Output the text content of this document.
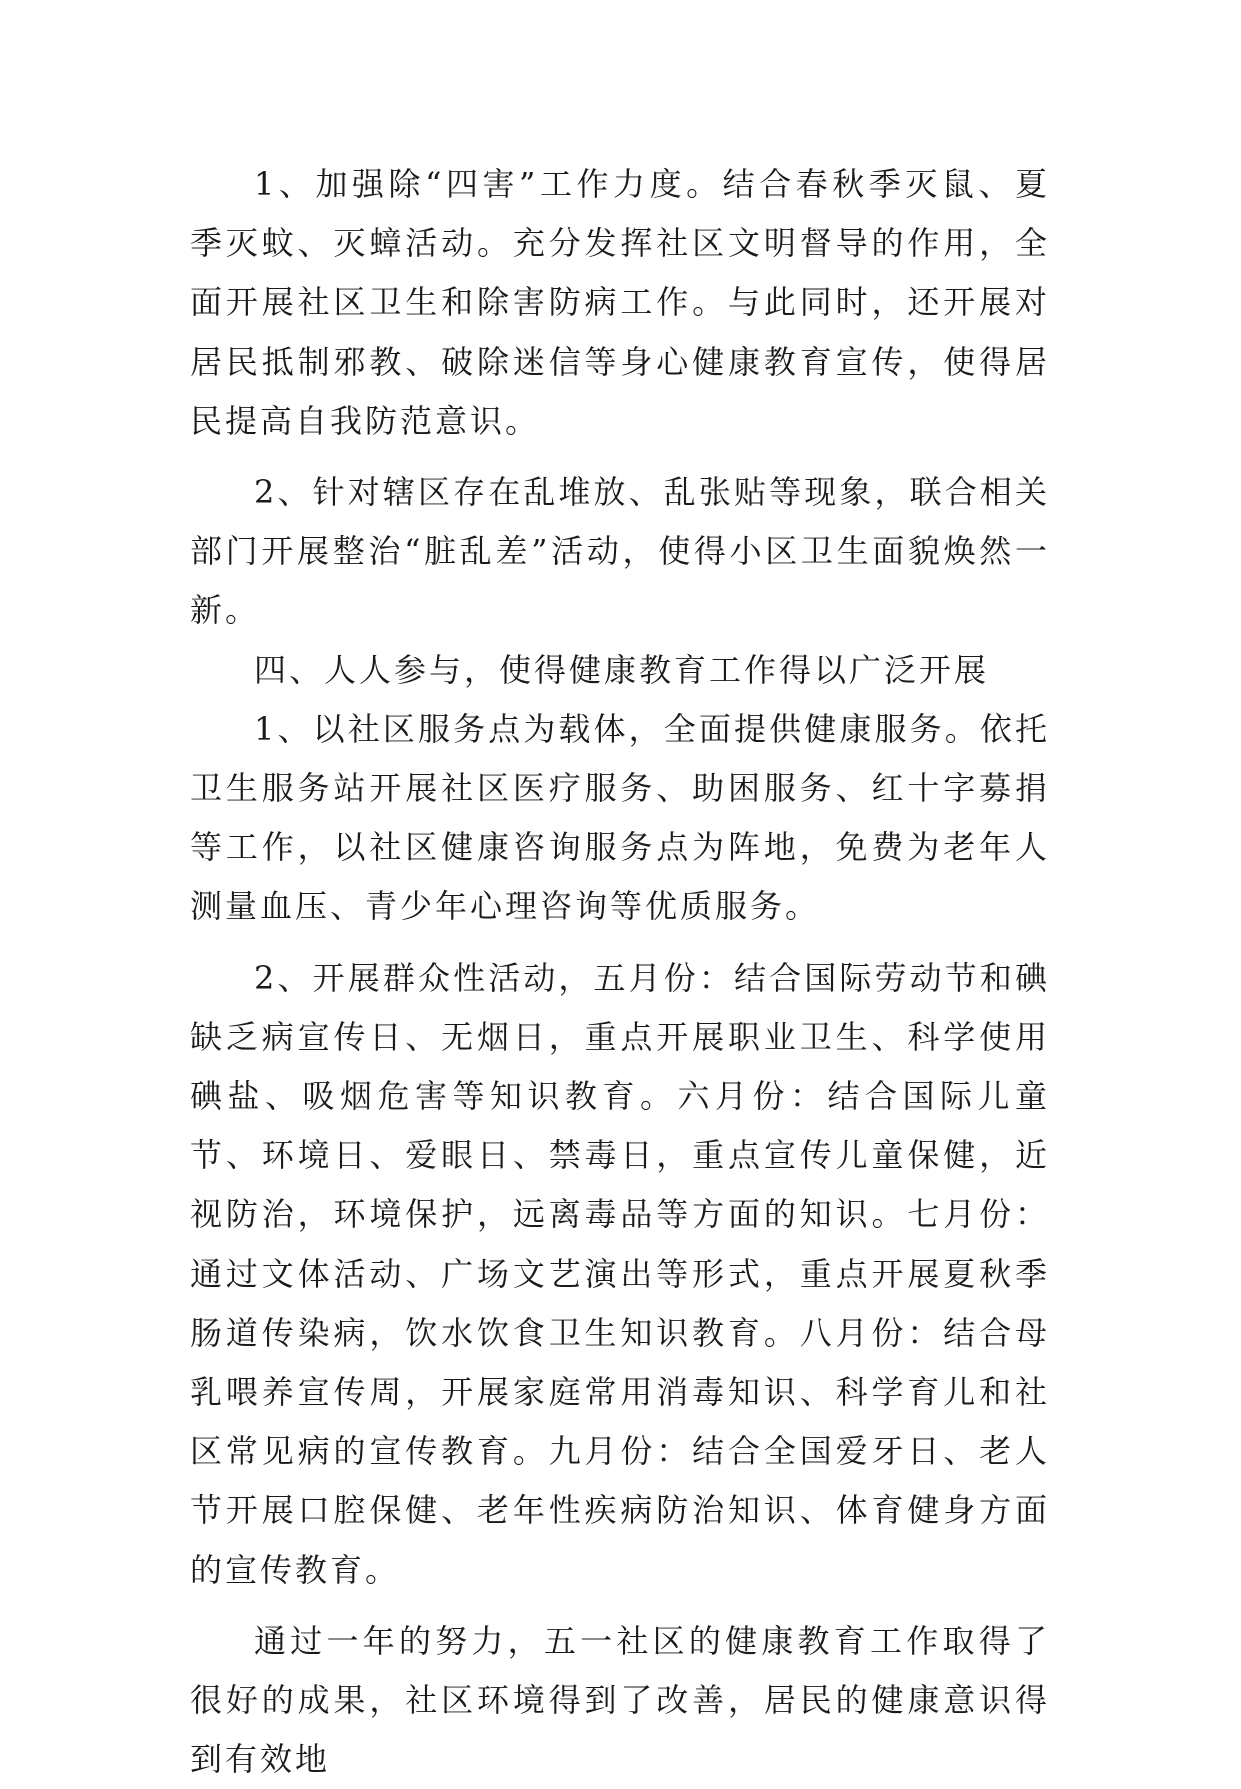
1、加强除“四害”工作力度。结合春秋季灭鼠、夏季灭蚊、灭蟑活动。充分发挥社区文明督导的作用，全面开展社区卫生和除害防病工作。与此同时，还开展对居民抵制邪教、破除迷信等身心健康教育宣传，使得居民提高自我防范意识。

2、针对辖区存在乱堆放、乱张贴等现象，联合相关部门开展整治“脏乱差”活动，使得小区卫生面貌焕然一新。

四、人人参与，使得健康教育工作得以广泛开展

1、以社区服务点为载体，全面提供健康服务。依托卫生服务站开展社区医疗服务、助困服务、红十字募捐等工作，以社区健康咨询服务点为阵地，免费为老年人测量血压、青少年心理咨询等优质服务。

2、开展群众性活动，五月份：结合国际劳动节和碘缺乏病宣传日、无烟日，重点开展职业卫生、科学使用碘盐、吸烟危害等知识教育。六月份：结合国际儿童节、环境日、爱眼日、禁毒日，重点宣传儿童保健，近视防治，环境保护，远离毒品等方面的知识。七月份：通过文体活动、广场文艺演出等形式，重点开展夏秋季肠道传染病，饮水饮食卫生知识教育。八月份：结合母乳喂养宣传周，开展家庭常用消毒知识、科学育儿和社区常见病的宣传教育。九月份：结合全国爱牙日、老人节开展口腔保健、老年性疾病防治知识、体育健身方面的宣传教育。

通过一年的努力，五一社区的健康教育工作取得了很好的成果，社区环境得到了改善，居民的健康意识得到有效地
